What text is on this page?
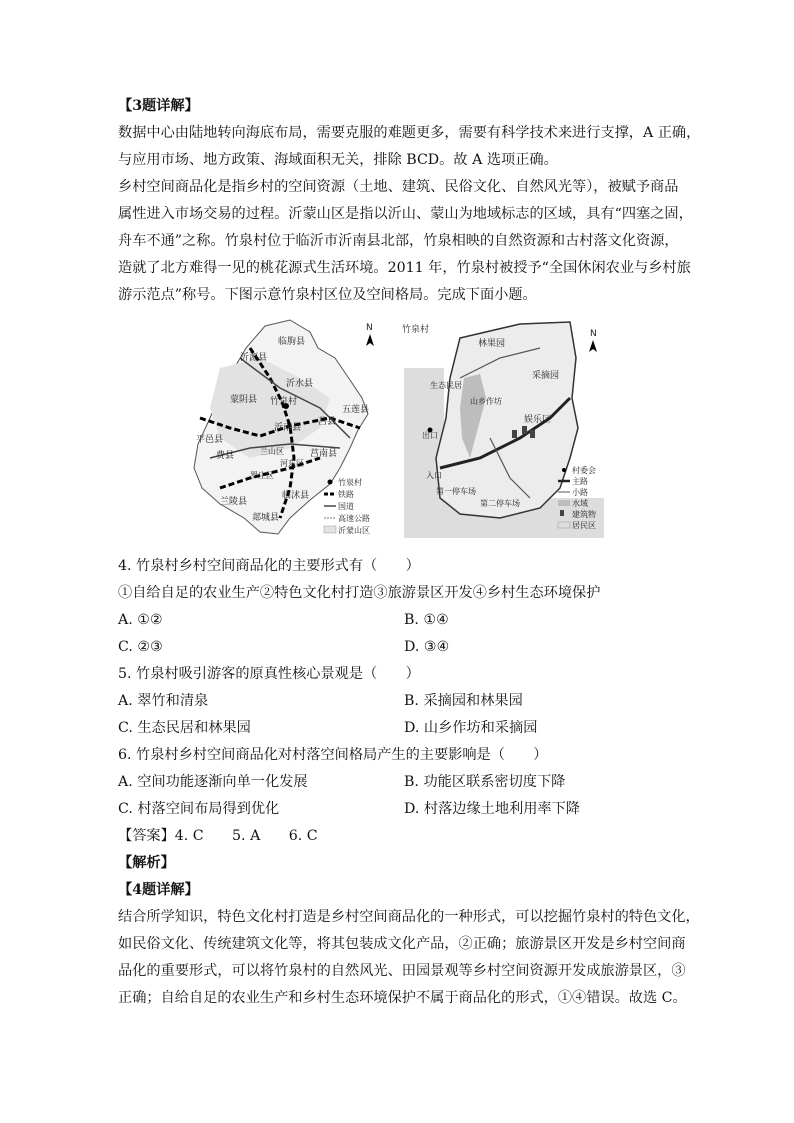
【3题详解】
数据中心由陆地转向海底布局，需要克服的难题更多，需要有科学技术来进行支撑，A 正确，
与应用市场、地方政策、海域面积无关，排除 BCD。故 A 选项正确。
乡村空间商品化是指乡村的空间资源（土地、建筑、民俗文化、自然风光等），被赋予商品
属性进入市场交易的过程。沂蒙山区是指以沂山、蒙山为地域标志的区域，具有“四塞之固，
舟车不通”之称。竹泉村位于临沂市沂南县北部，竹泉相映的自然资源和古村落文化资源，
造就了北方难得一见的桃花源式生活环境。2011 年，竹泉村被授予“全国休闲农业与乡村旅
游示范点”称号。下图示意竹泉村区位及空间格局。完成下面小题。
N
临朐县
沂源县
沂水县
蒙阴县 竹泉村
五莲县
沂南县
莒县
平邑县
费县	兰山区
河东区
罗庄区
莒南县
兰陵县
临沭县
郯城县
竹泉村
铁路
国道
高速公路
沂蒙山区
N
竹泉村
林果园
采摘园
生态民居
山乡作坊
娱乐区
出口
入口
第一停车场
第二停车场
村委会
主路
小路
水域
建筑物
居民区
4. 竹泉村乡村空间商品化的主要形式有（　　）
①自给自足的农业生产②特色文化村打造③旅游景区开发④乡村生态环境保护
A. ①②	B. ①④
C. ②③	D. ③④
5. 竹泉村吸引游客的原真性核心景观是（　　）
A. 翠竹和清泉	B. 采摘园和林果园
C. 生态民居和林果园	D. 山乡作坊和采摘园
6. 竹泉村乡村空间商品化对村落空间格局产生的主要影响是（　　）
A. 空间功能逐渐向单一化发展	B. 功能区联系密切度下降
C. 村落空间布局得到优化	D. 村落边缘土地利用率下降
【答案】4. C　　5. A　　6. C
【解析】
【4题详解】
结合所学知识，特色文化村打造是乡村空间商品化的一种形式，可以挖掘竹泉村的特色文化，
如民俗文化、传统建筑文化等，将其包装成文化产品，②正确；旅游景区开发是乡村空间商
品化的重要形式，可以将竹泉村的自然风光、田园景观等乡村空间资源开发成旅游景区，③
正确；自给自足的农业生产和乡村生态环境保护不属于商品化的形式，①④错误。故选 C。
